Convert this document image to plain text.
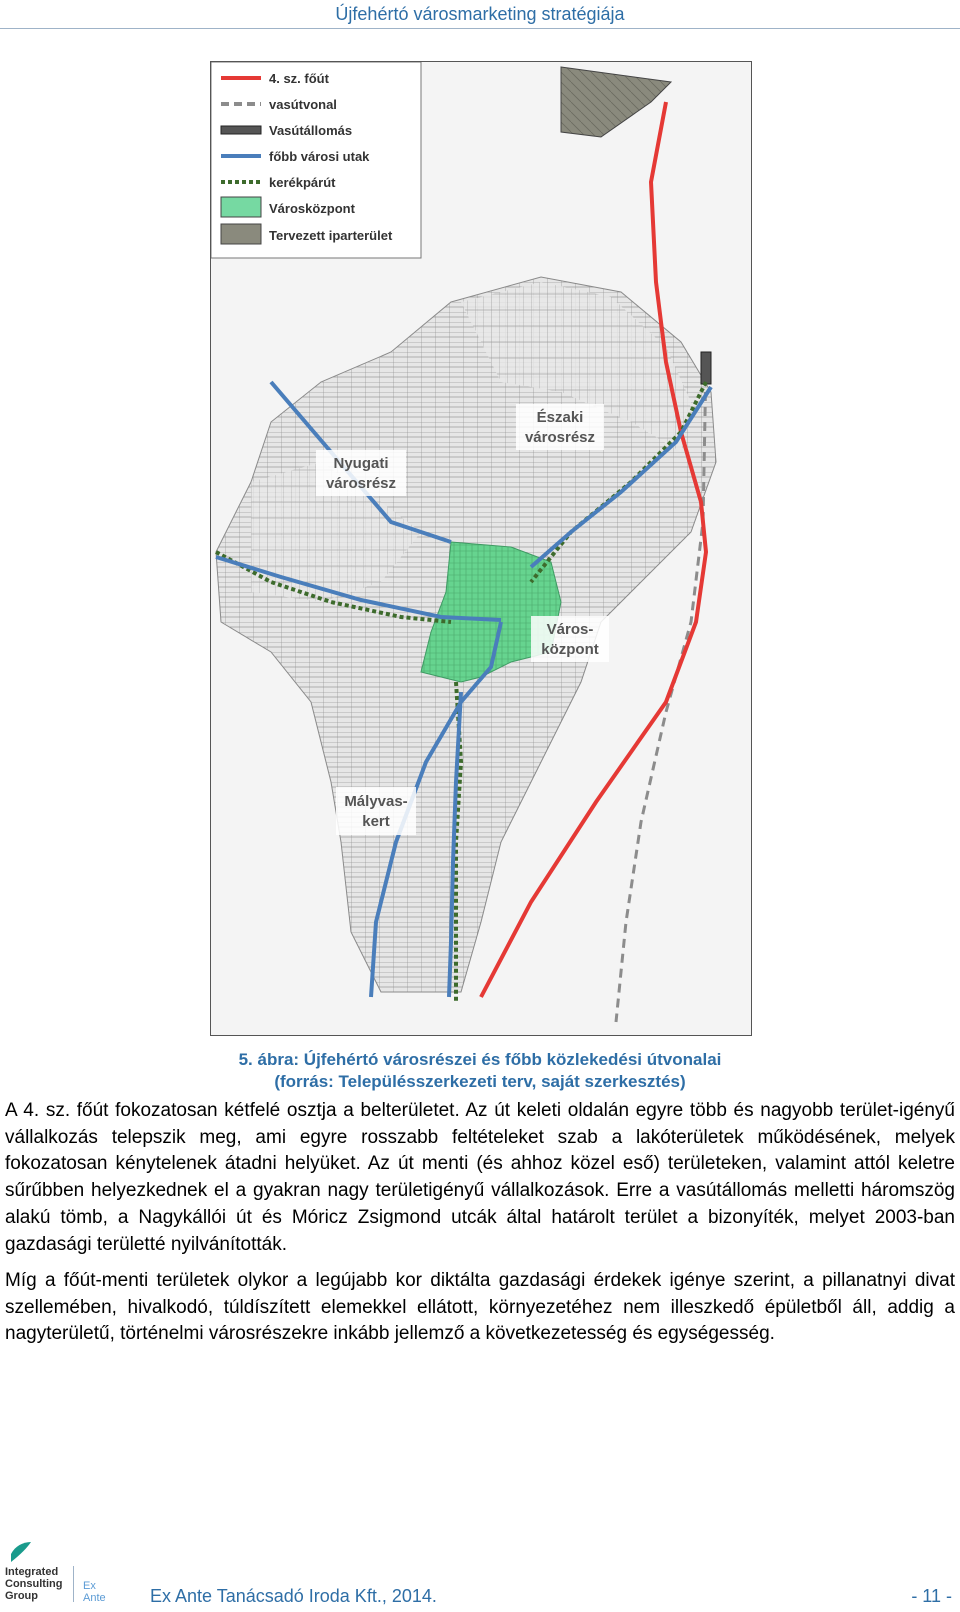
Újfehértó városmarketing stratégiája
4. sz. főút
vasútvonal
Vasútállomás
főbb városi utak
kerékpárút
Városközpont
Tervezett iparterület
Nyugati
városrész
Északi
városrész
Város-
központ
Mályvas-
kert
5. ábra: Újfehértó városrészei és főbb közlekedési útvonalai
(forrás: Településszerkezeti terv, saját szerkesztés)

A 4. sz. főút fokozatosan kétfelé osztja a belterületet. Az út keleti oldalán egyre több és nagyobb terület-igényű vállalkozás telepszik meg, ami egyre rosszabb feltételeket szab a lakóterületek működésének, melyek fokozatosan kénytelenek átadni helyüket. Az út menti (és ahhoz közel eső) területeken, valamint attól keletre sűrűbben helyezkednek el a gyakran nagy területigényű vállalkozások. Erre a vasútállomás melletti háromszög alakú tömb, a Nagykállói út és Móricz Zsigmond utcák által határolt terület a bizonyíték, melyet 2003-ban gazdasági területté nyilvánították.

Míg a főút-menti területek olykor a legújabb kor diktálta gazdasági érdekek igénye szerint, a pillanatnyi divat szellemében, hivalkodó, túldíszített elemekkel ellátott, környezetéhez nem illeszkedő épületből áll, addig a nagyterületű, történelmi városrészekre inkább jellemző a következetesség és egységesség.

Integrated
Consulting
Group
Ex Ante Ex Ante Tanácsadó Iroda Kft., 2014.	- 11 -
